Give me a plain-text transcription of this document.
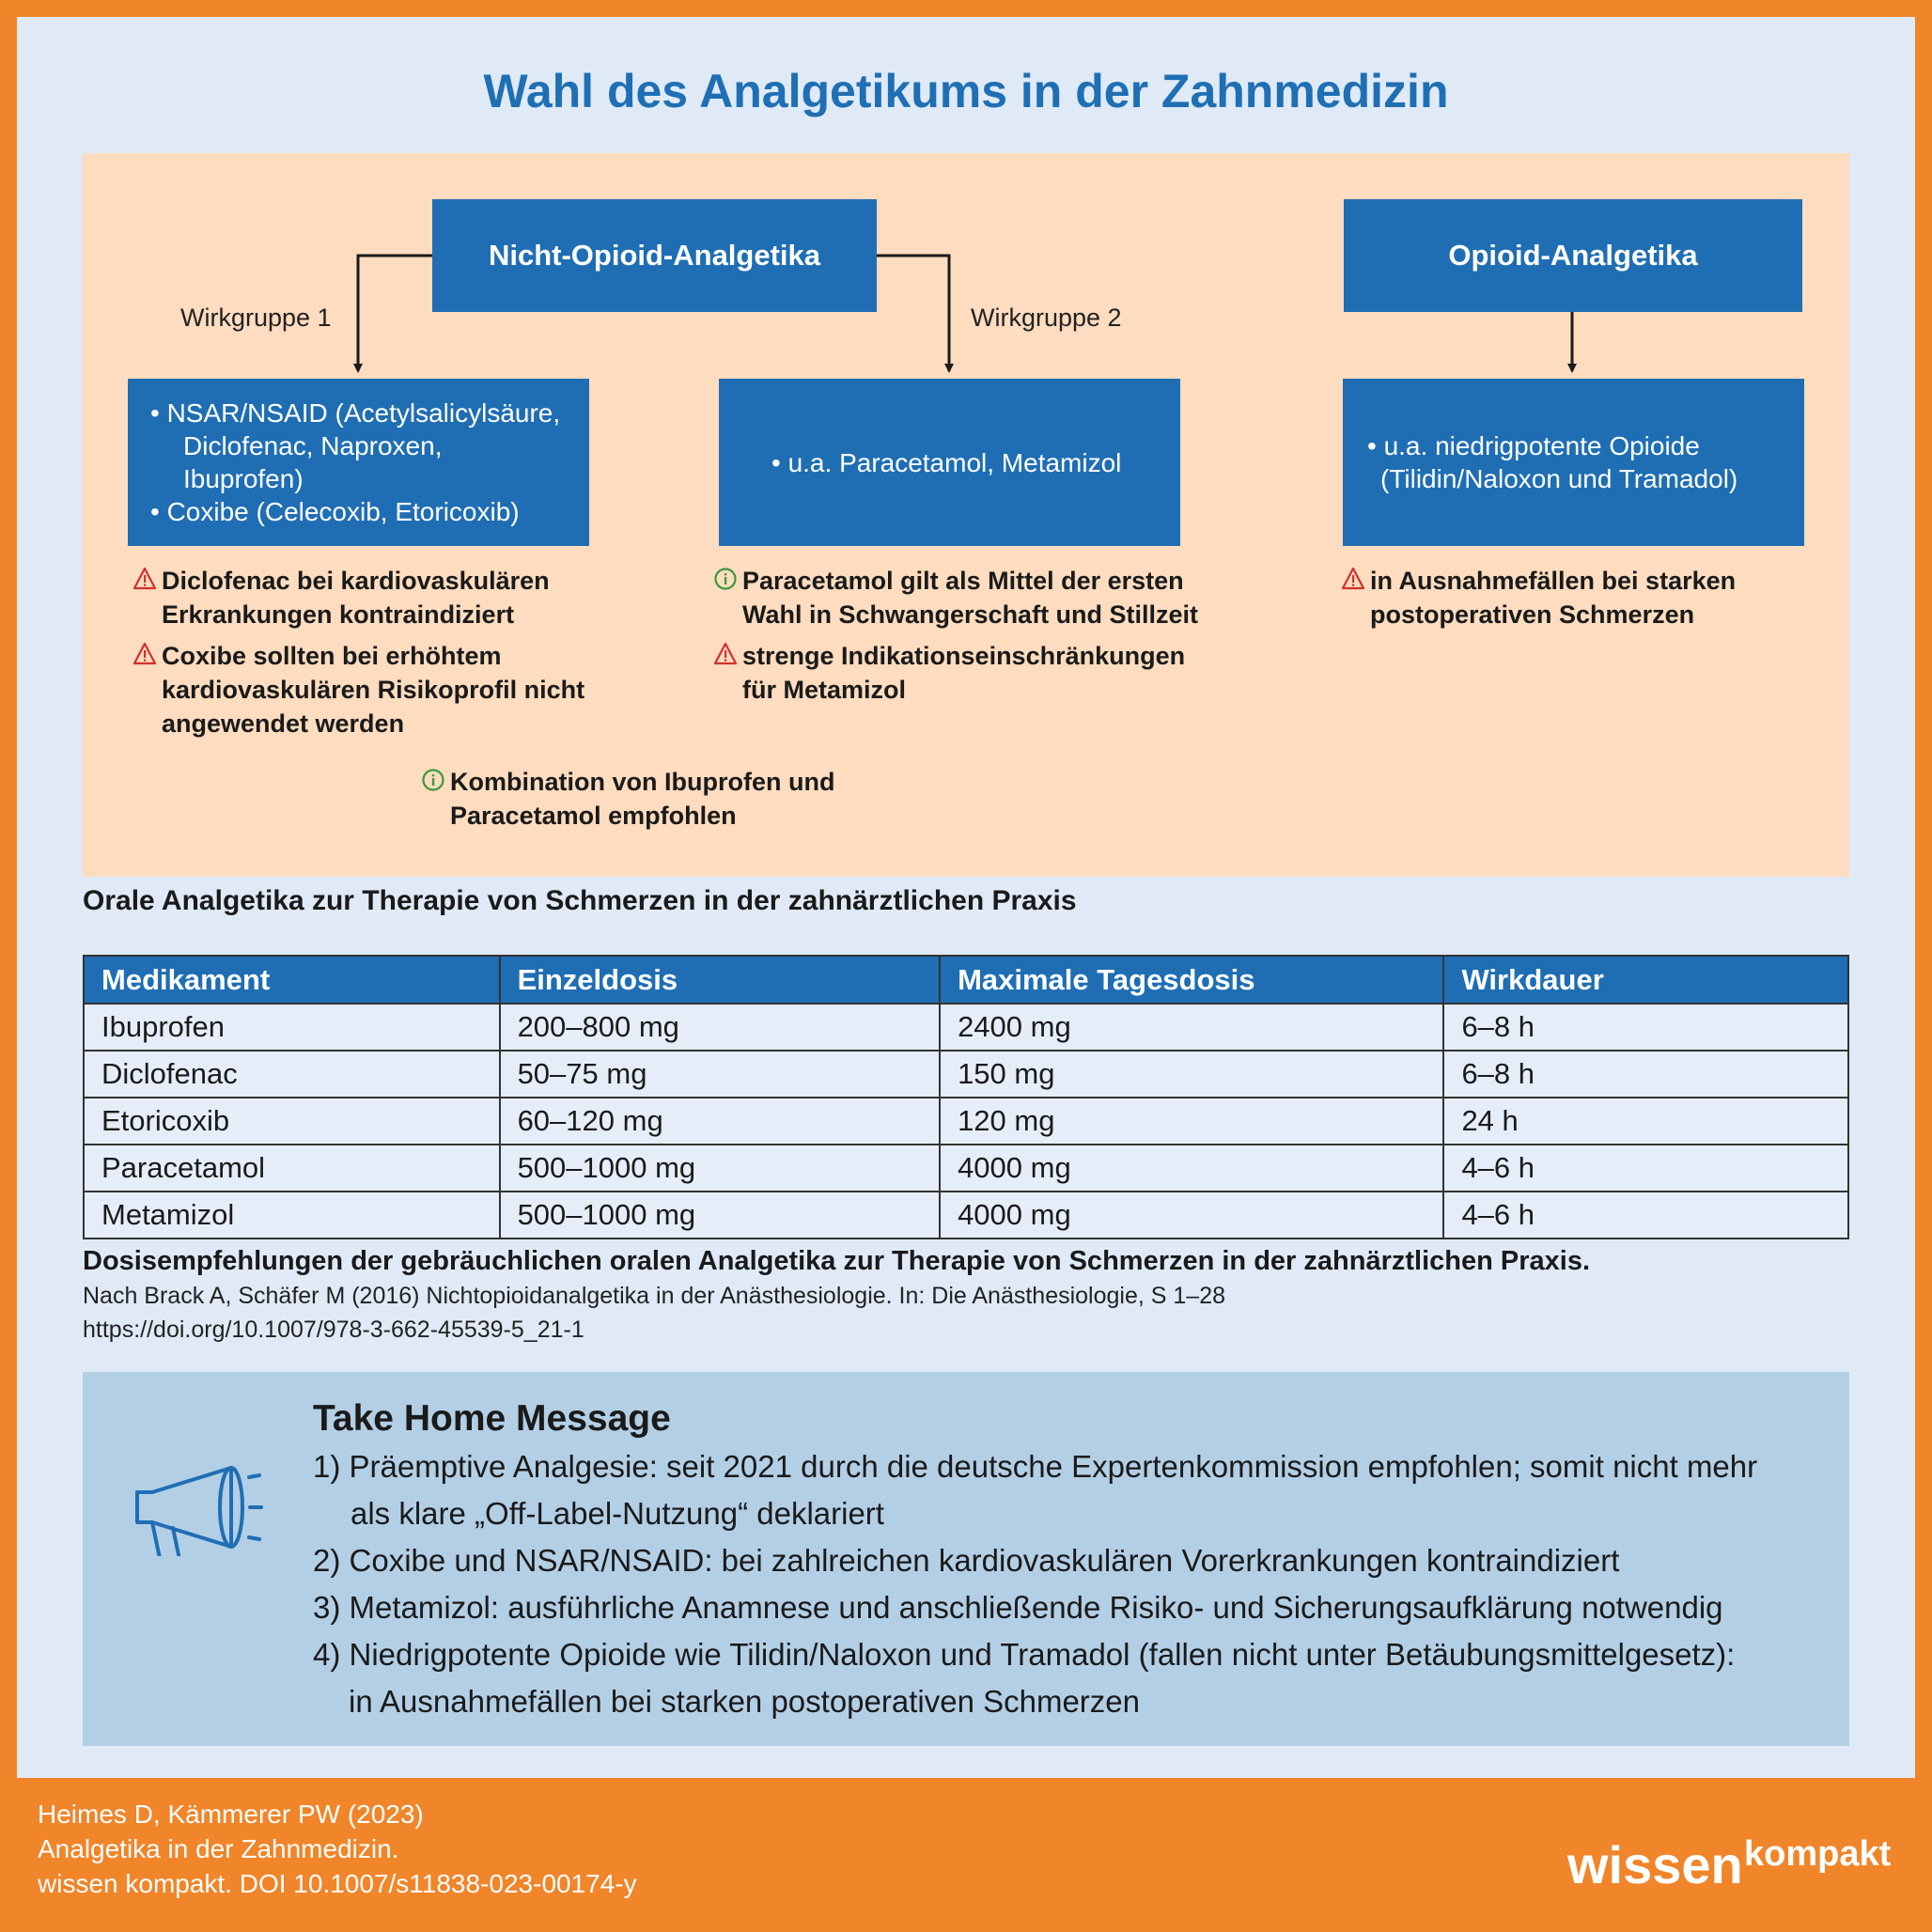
Wahl des Analgetikums in der Zahnmedizin
Nicht-Opioid-Analgetika	Opioid-Analgetika
Wirkgruppe 1	Wirkgruppe 2
• NSAR/NSAID (Acetylsalicylsäure,
Diclofenac, Naproxen, Ibuprofen)
• Coxibe (Celecoxib, Etoricoxib)
• u.a. Paracetamol, Metamizol
• u.a. niedrigpotente Opioide
(Tilidin/Naloxon und Tramadol)
Diclofenac bei kardiovaskulären
Erkrankungen kontraindiziert
Coxibe sollten bei erhöhtem
kardiovaskulären Risikoprofil nicht
angewendet werden
Paracetamol gilt als Mittel der ersten
Wahl in Schwangerschaft und Stillzeit
strenge Indikationseinschränkungen
für Metamizol
in Ausnahmefällen bei starken
postoperativen Schmerzen
Kombination von Ibuprofen und
Paracetamol empfohlen
Orale Analgetika zur Therapie von Schmerzen in der zahnärztlichen Praxis
Medikament	Einzeldosis	Maximale Tagesdosis	Wirkdauer
Ibuprofen	200–800 mg	2400 mg	6–8 h
Diclofenac	50–75 mg	150 mg	6–8 h
Etoricoxib	60–120 mg	120 mg	24 h
Paracetamol	500–1000 mg	4000 mg	4–6 h
Metamizol	500–1000 mg	4000 mg	4–6 h
Dosisempfehlungen der gebräuchlichen oralen Analgetika zur Therapie von Schmerzen in der zahnärztlichen Praxis.
Nach Brack A, Schäfer M (2016) Nichtopioidanalgetika in der Anästhesiologie. In: Die Anästhesiologie, S 1–28
https://doi.org/10.1007/978-3-662-45539-5_21-1
Take Home Message
1) Präemptive Analgesie: seit 2021 durch die deutsche Expertenkommission empfohlen; somit nicht mehr
als klare „Off-Label-Nutzung“ deklariert
2) Coxibe und NSAR/NSAID: bei zahlreichen kardiovaskulären Vorerkrankungen kontraindiziert
3) Metamizol: ausführliche Anamnese und anschließende Risiko- und Sicherungsaufklärung notwendig
4) Niedrigpotente Opioide wie Tilidin/Naloxon und Tramadol (fallen nicht unter Betäubungsmittelgesetz):
in Ausnahmefällen bei starken postoperativen Schmerzen
Heimes D, Kämmerer PW (2023)
Analgetika in der Zahnmedizin.
wissen kompakt. DOI 10.1007/s11838-023-00174-y	wissen kompakt
